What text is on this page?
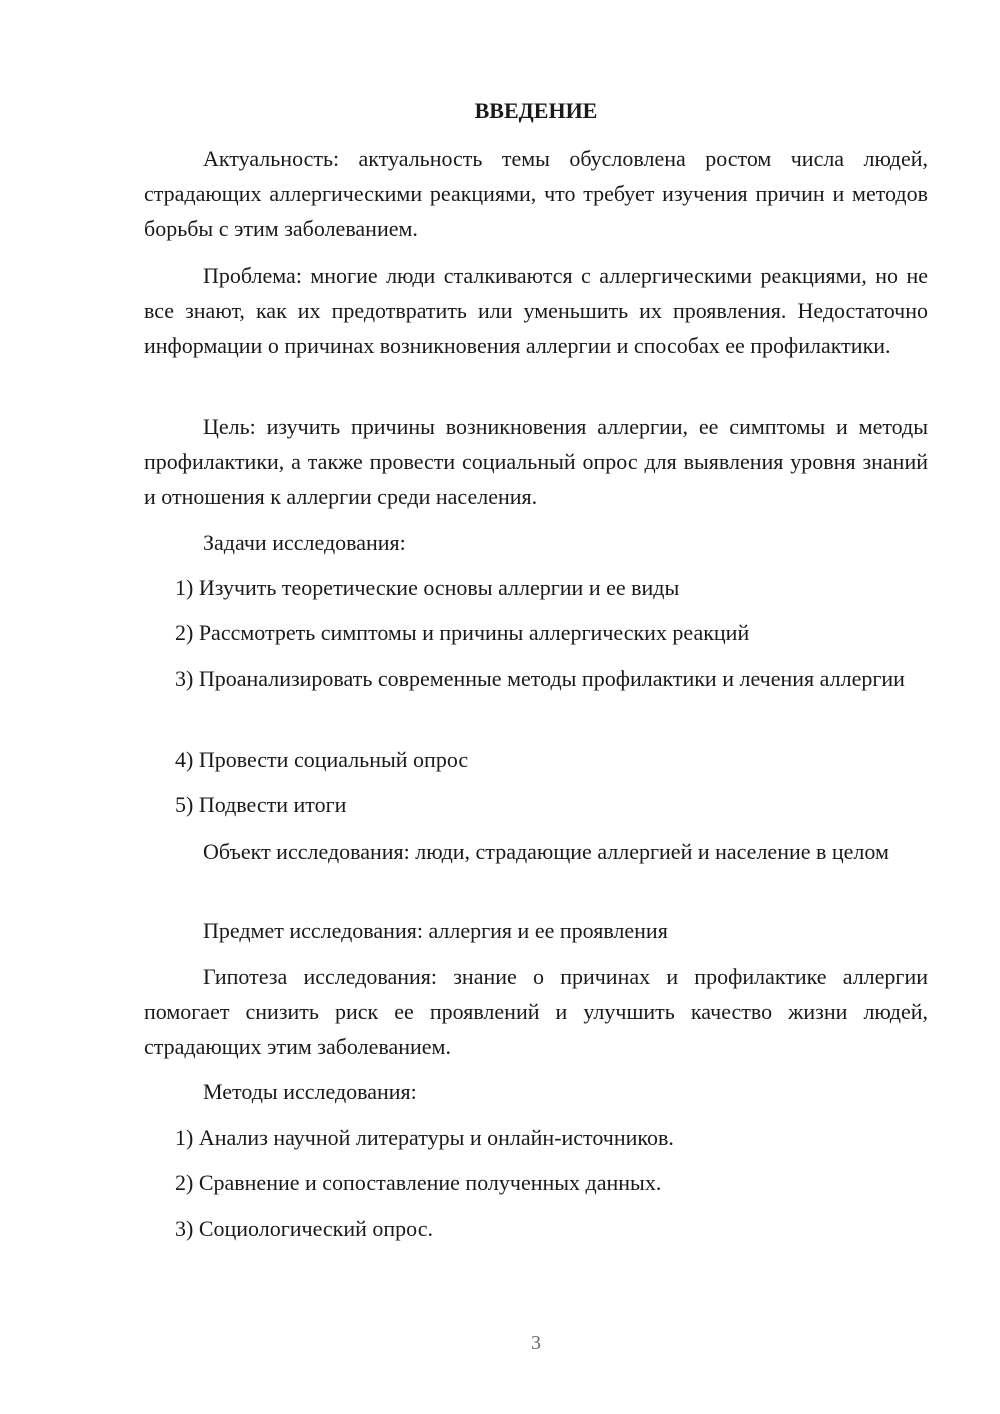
ВВЕДЕНИЕ

Актуальность: актуальность темы обусловлена ростом числа людей, страдающих аллергическими реакциями, что требует изучения причин и методов борьбы с этим заболеванием.

Проблема: многие люди сталкиваются с аллергическими реакциями, но не все знают, как их предотвратить или уменьшить их проявления. Недостаточно информации о причинах возникновения аллергии и способах ее профилактики.

Цель: изучить причины возникновения аллергии, ее симптомы и методы профилактики, а также провести социальный опрос для выявления уровня знаний и отношения к аллергии среди населения.

Задачи исследования:

1) Изучить теоретические основы аллергии и ее виды

2) Рассмотреть симптомы и причины аллергических реакций

3) Проанализировать современные методы профилактики и лечения аллергии

4) Провести социальный опрос

5) Подвести итоги

Объект исследования: люди, страдающие аллергией и население в целом

Предмет исследования: аллергия и ее проявления

Гипотеза исследования: знание о причинах и профилактике аллергии помогает снизить риск ее проявлений и улучшить качество жизни людей, страдающих этим заболеванием.

Методы исследования:

1) Анализ научной литературы и онлайн-источников.

2) Сравнение и сопоставление полученных данных.

3) Социологический опрос.

3
